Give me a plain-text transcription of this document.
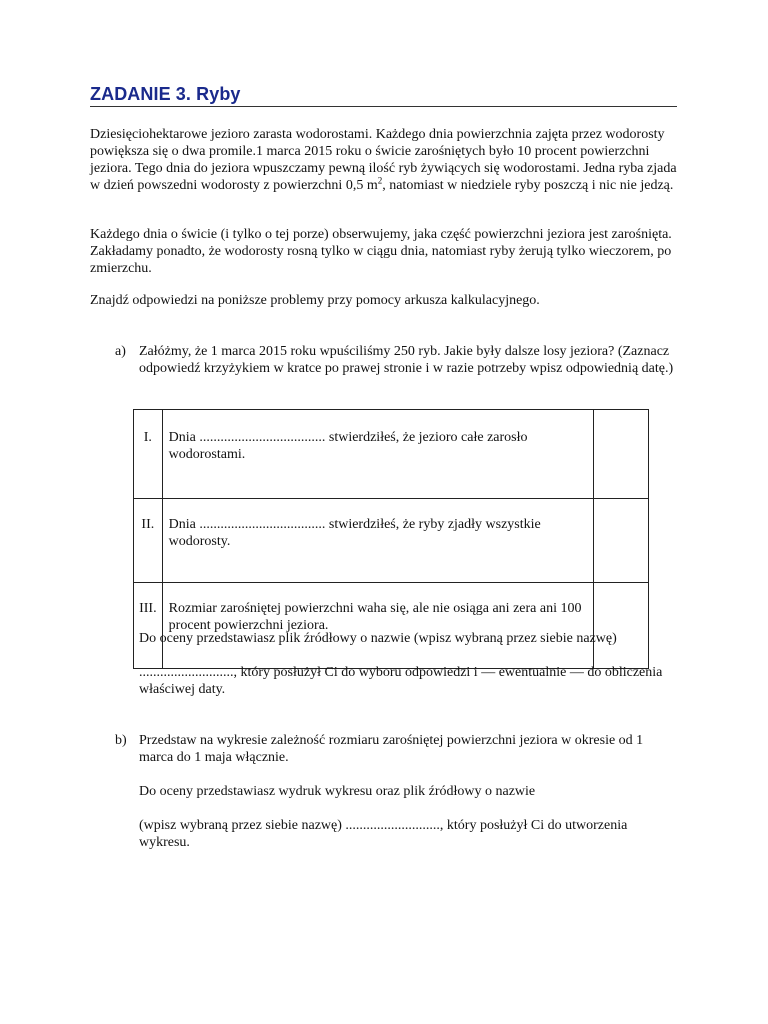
ZADANIE 3. Ryby
Dziesięciohektarowe jezioro zarasta wodorostami. Każdego dnia powierzchnia zajęta przez wodorosty powiększa się o dwa promile.1 marca 2015 roku o świcie zarośniętych było 10 procent powierzchni jeziora. Tego dnia do jeziora wpuszczamy pewną ilość ryb żywiących się wodorostami. Jedna ryba zjada w dzień powszedni wodorosty z powierzchni 0,5 $m^2$, natomiast w niedziele ryby poszczą i nic nie jedzą.
Każdego dnia o świcie (i tylko o tej porze) obserwujemy, jaka część powierzchni jeziora jest zarośnięta. Zakładamy ponadto, że wodorosty rosną tylko w ciągu dnia, natomiast ryby żerują tylko wieczorem, po zmierzchu.
Znajdź odpowiedzi na poniższe problemy przy pomocy arkusza kalkulacyjnego.
a) Załóżmy, że 1 marca 2015 roku wpuściliśmy 250 ryb. Jakie były dalsze losy jeziora? (Zaznacz odpowiedź krzyżykiem w kratce po prawej stronie i w razie potrzeby wpisz odpowiednią datę.)
I.	Dnia .................................... stwierdziłeś, że jezioro całe zarosło wodorostami.	
II.	Dnia .................................... stwierdziłeś, że ryby zjadły wszystkie wodorosty.	
III.	Rozmiar zarośniętej powierzchni waha się, ale nie osiąga ani zera ani 100 procent powierzchni jeziora.	
Do oceny przedstawiasz plik źródłowy o nazwie (wpisz wybraną przez siebie nazwę)
..........................., który posłużył Ci do wyboru odpowiedzi i — ewentualnie — do obliczenia właściwej daty.
b) Przedstaw na wykresie zależność rozmiaru zarośniętej powierzchni jeziora w okresie od 1 marca do 1 maja włącznie.
Do oceny przedstawiasz wydruk wykresu oraz plik źródłowy o nazwie
(wpisz wybraną przez siebie nazwę) ..........................., który posłużył Ci do utworzenia wykresu.
